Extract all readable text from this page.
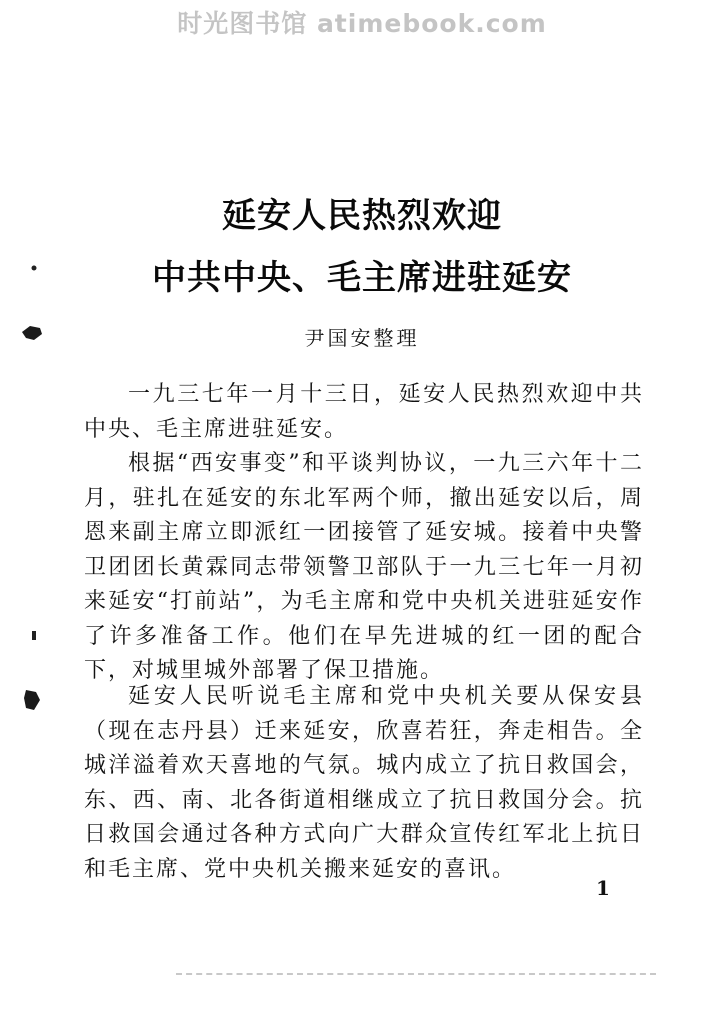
时光图书馆 atimebook.com
延安人民热烈欢迎
中共中央、毛主席进驻延安
尹国安整理

一九三七年一月十三日，延安人民热烈欢迎中共中央、毛主席进驻延安。

根据“西安事变”和平谈判协议，一九三六年十二月，驻扎在延安的东北军两个师，撤出延安以后，周恩来副主席立即派红一团接管了延安城。接着中央警卫团团长黄霖同志带领警卫部队于一九三七年一月初来延安“打前站”，为毛主席和党中央机关进驻延安作了许多准备工作。他们在早先进城的红一团的配合下，对城里城外部署了保卫措施。

延安人民听说毛主席和党中央机关要从保安县（现在志丹县）迁来延安，欣喜若狂，奔走相告。全城洋溢着欢天喜地的气氛。城内成立了抗日救国会，东、西、南、北各街道相继成立了抗日救国分会。抗日救国会通过各种方式向广大群众宣传红军北上抗日和毛主席、党中央机关搬来延安的喜讯。

1
